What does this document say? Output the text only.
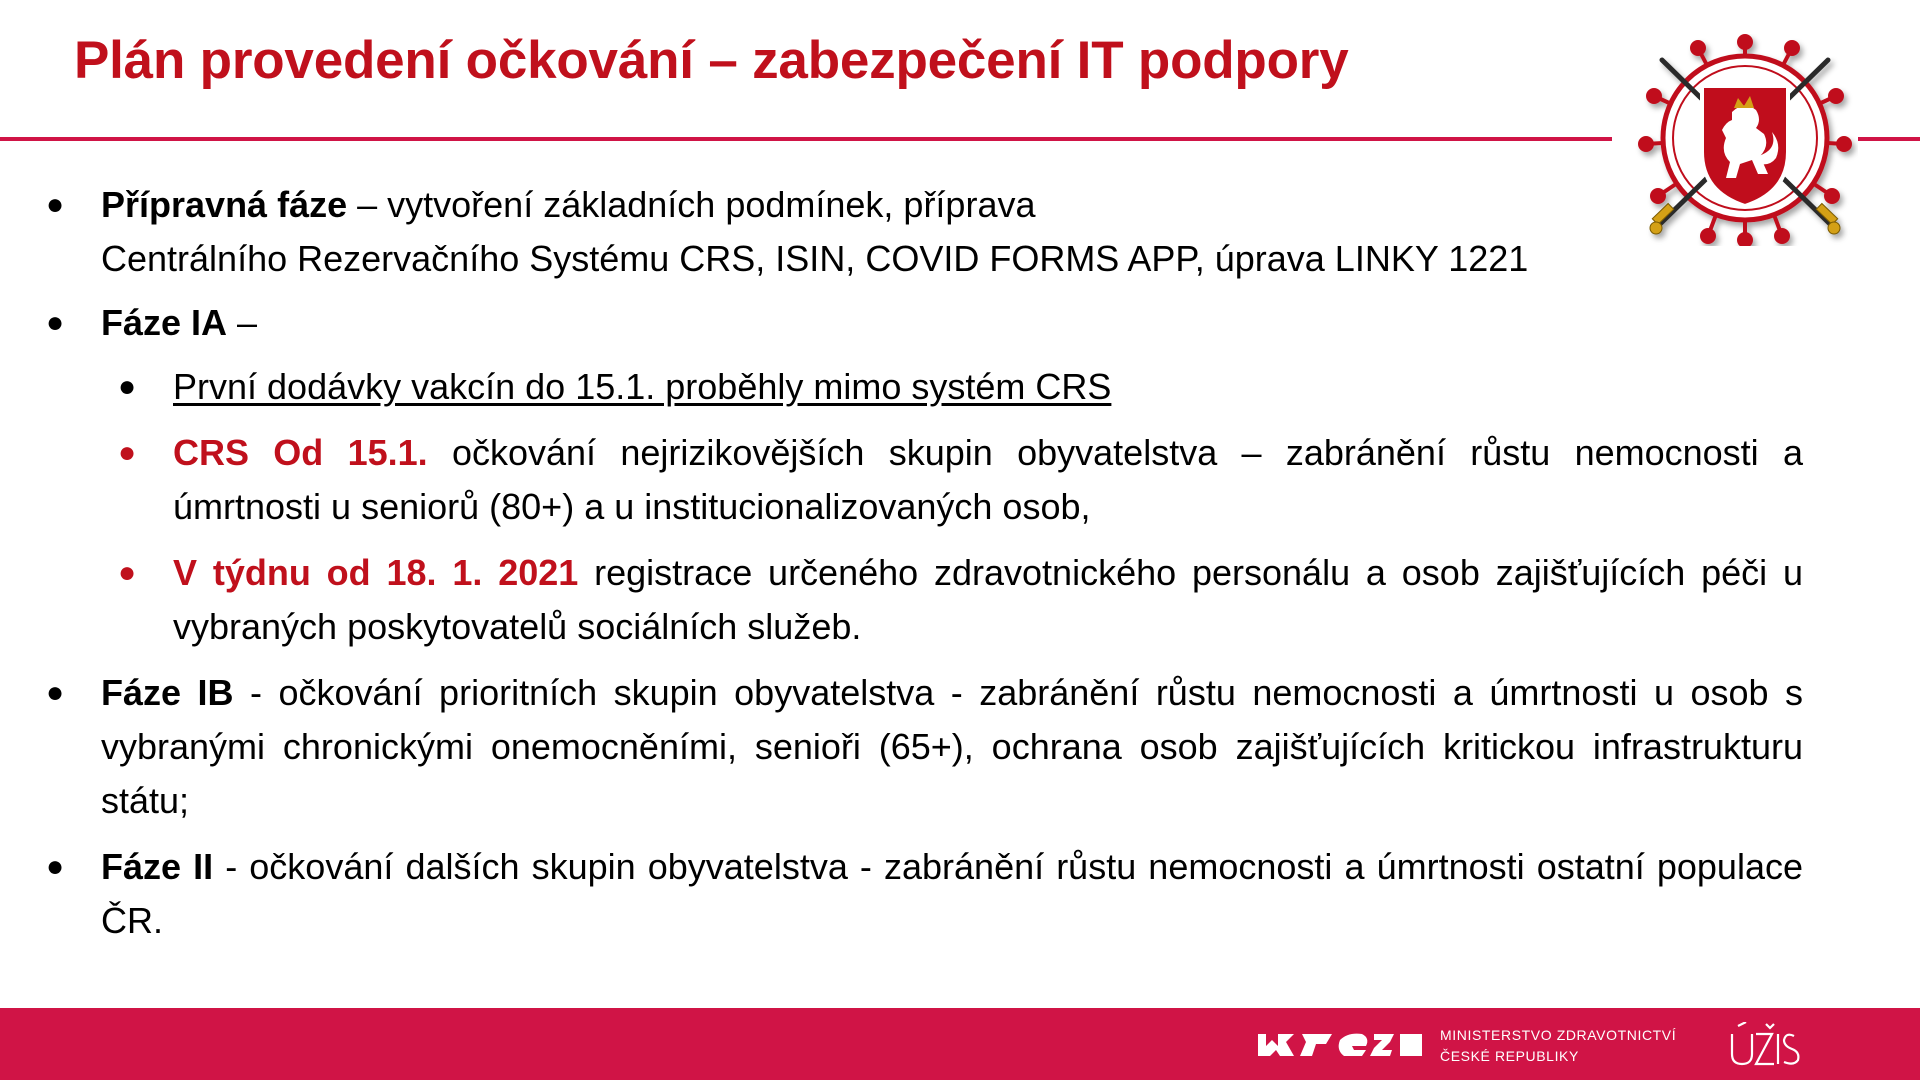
Plán provedení očkování – zabezpečení IT podpory
● Přípravná fáze – vytvoření základních podmínek, příprava
Centrálního Rezervačního Systému CRS, ISIN, COVID FORMS APP, úprava LINKY 1221
● Fáze IA –
● První dodávky vakcín do 15.1. proběhly mimo systém CRS
● CRS Od 15.1. očkování nejrizikovějších skupin obyvatelstva – zabránění růstu nemocnosti a úmrtnosti u seniorů (80+) a u institucionalizovaných osob,
● V týdnu od 18. 1. 2021 registrace určeného zdravotnického personálu a osob zajišťujících péči u vybraných poskytovatelů sociálních služeb.
● Fáze IB - očkování prioritních skupin obyvatelstva - zabránění růstu nemocnosti a úmrtnosti u osob s vybranými chronickými onemocněními, senioři (65+), ochrana osob zajišťujících kritickou infrastrukturu státu;
● Fáze II - očkování dalších skupin obyvatelstva - zabránění růstu nemocnosti a úmrtnosti ostatní populace ČR.
MINISTERSTVO ZDRAVOTNICTVÍ
ČESKÉ REPUBLIKY
